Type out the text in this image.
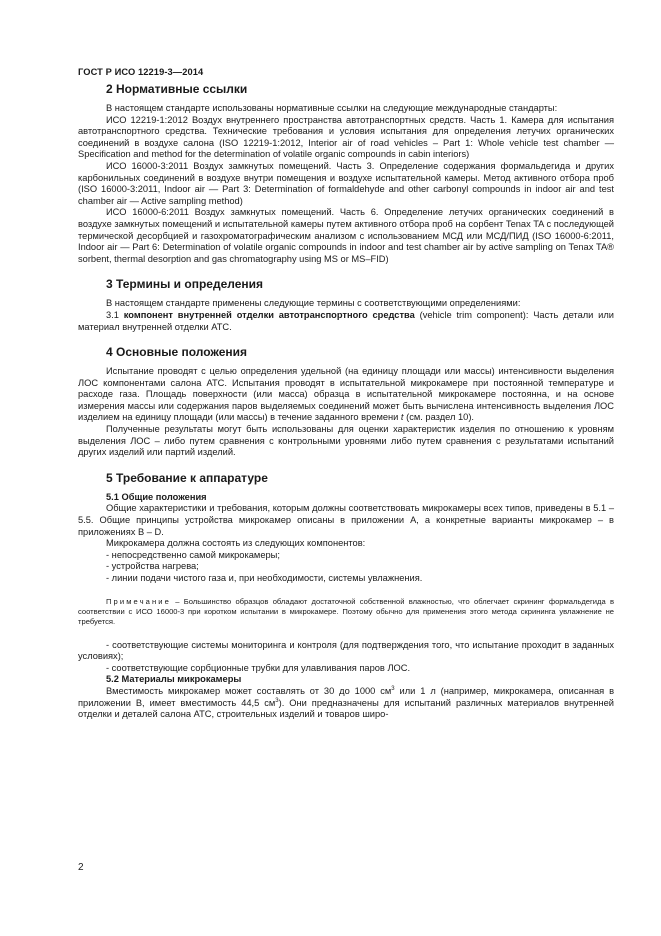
ГОСТ Р ИСО 12219-3—2014
2 Нормативные ссылки

В настоящем стандарте использованы нормативные ссылки на следующие международные стандарты:

ИСО 12219-1:2012 Воздух внутреннего пространства автотранспортных средств. Часть 1. Камера для испытания автотранспортного средства. Технические требования и условия испытания для определения летучих органических соединений в воздухе салона (ISO 12219-1:2012, Interior air of road vehicles – Part 1: Whole vehicle test chamber — Specification and method for the determination of volatile organic compounds in cabin interiors)

ИСО 16000-3:2011 Воздух замкнутых помещений. Часть 3. Определение содержания формальдегида и других карбонильных соединений в воздухе внутри помещения и воздухе испытательной камеры. Метод активного отбора проб (ISO 16000-3:2011, Indoor air — Part 3: Determination of formaldehyde and other carbonyl compounds in indoor air and test chamber air — Active sampling method)

ИСО 16000-6:2011 Воздух замкнутых помещений. Часть 6. Определение летучих органических соединений в воздухе замкнутых помещений и испытательной камеры путем активного отбора проб на сорбент Tenax TA с последующей термической десорбцией и газохроматографическим анализом с использованием МСД или МСД/ПИД (ISO 16000-6:2011, Indoor air — Part 6: Determination of volatile organic compounds in indoor and test chamber air by active sampling on Tenax TA® sorbent, thermal desorption and gas chromatography using MS or MS–FID)

3 Термины и определения

В настоящем стандарте применены следующие термины с соответствующими определениями:

3.1 компонент внутренней отделки автотранспортного средства (vehicle trim component): Часть детали или материал внутренней отделки АТС.

4 Основные положения

Испытание проводят с целью определения удельной (на единицу площади или массы) интенсивности выделения ЛОС компонентами салона АТС. Испытания проводят в испытательной микрокамере при постоянной температуре и расходе газа. Площадь поверхности (или масса) образца в испытательной микрокамере постоянна, и на основе измерения массы или содержания паров выделяемых соединений может быть вычислена интенсивность выделения ЛОС изделием на единицу площади (или массы) в течение заданного времени t (см. раздел 10).

Полученные результаты могут быть использованы для оценки характеристик изделия по отношению к уровням выделения ЛОС – либо путем сравнения с контрольными уровнями либо путем сравнения с результатами испытаний других изделий или партий изделий.

5 Требование к аппаратуре
5.1 Общие положения

Общие характеристики и требования, которым должны соответствовать микрокамеры всех типов, приведены в 5.1 – 5.5. Общие принципы устройства микрокамер описаны в приложении А, а конкретные варианты микрокамер – в приложениях B – D.

Микрокамера должна состоять из следующих компонентов:

- непосредственно самой микрокамеры;

- устройства нагрева;

- линии подачи чистого газа и, при необходимости, системы увлажнения.

Примечание – Большинство образцов обладают достаточной собственной влажностью, что облегчает скрининг формальдегида в соответствии с ИСО 16000-3 при коротком испытании в микрокамере. Поэтому обычно для применения этого метода скрининга увлажнение не требуется.

- соответствующие системы мониторинга и контроля (для подтверждения того, что испытание проходит в заданных условиях);

- соответствующие сорбционные трубки для улавливания паров ЛОС.

5.2 Материалы микрокамеры

Вместимость микрокамер может составлять от 30 до 1000 $см^3$ или 1 л (например, микрокамера, описанная в приложении B, имеет вместимость 44,5 $см^3$). Они предназначены для испытаний различных материалов внутренней отделки и деталей салона АТС, строительных изделий и товаров широ-

2
